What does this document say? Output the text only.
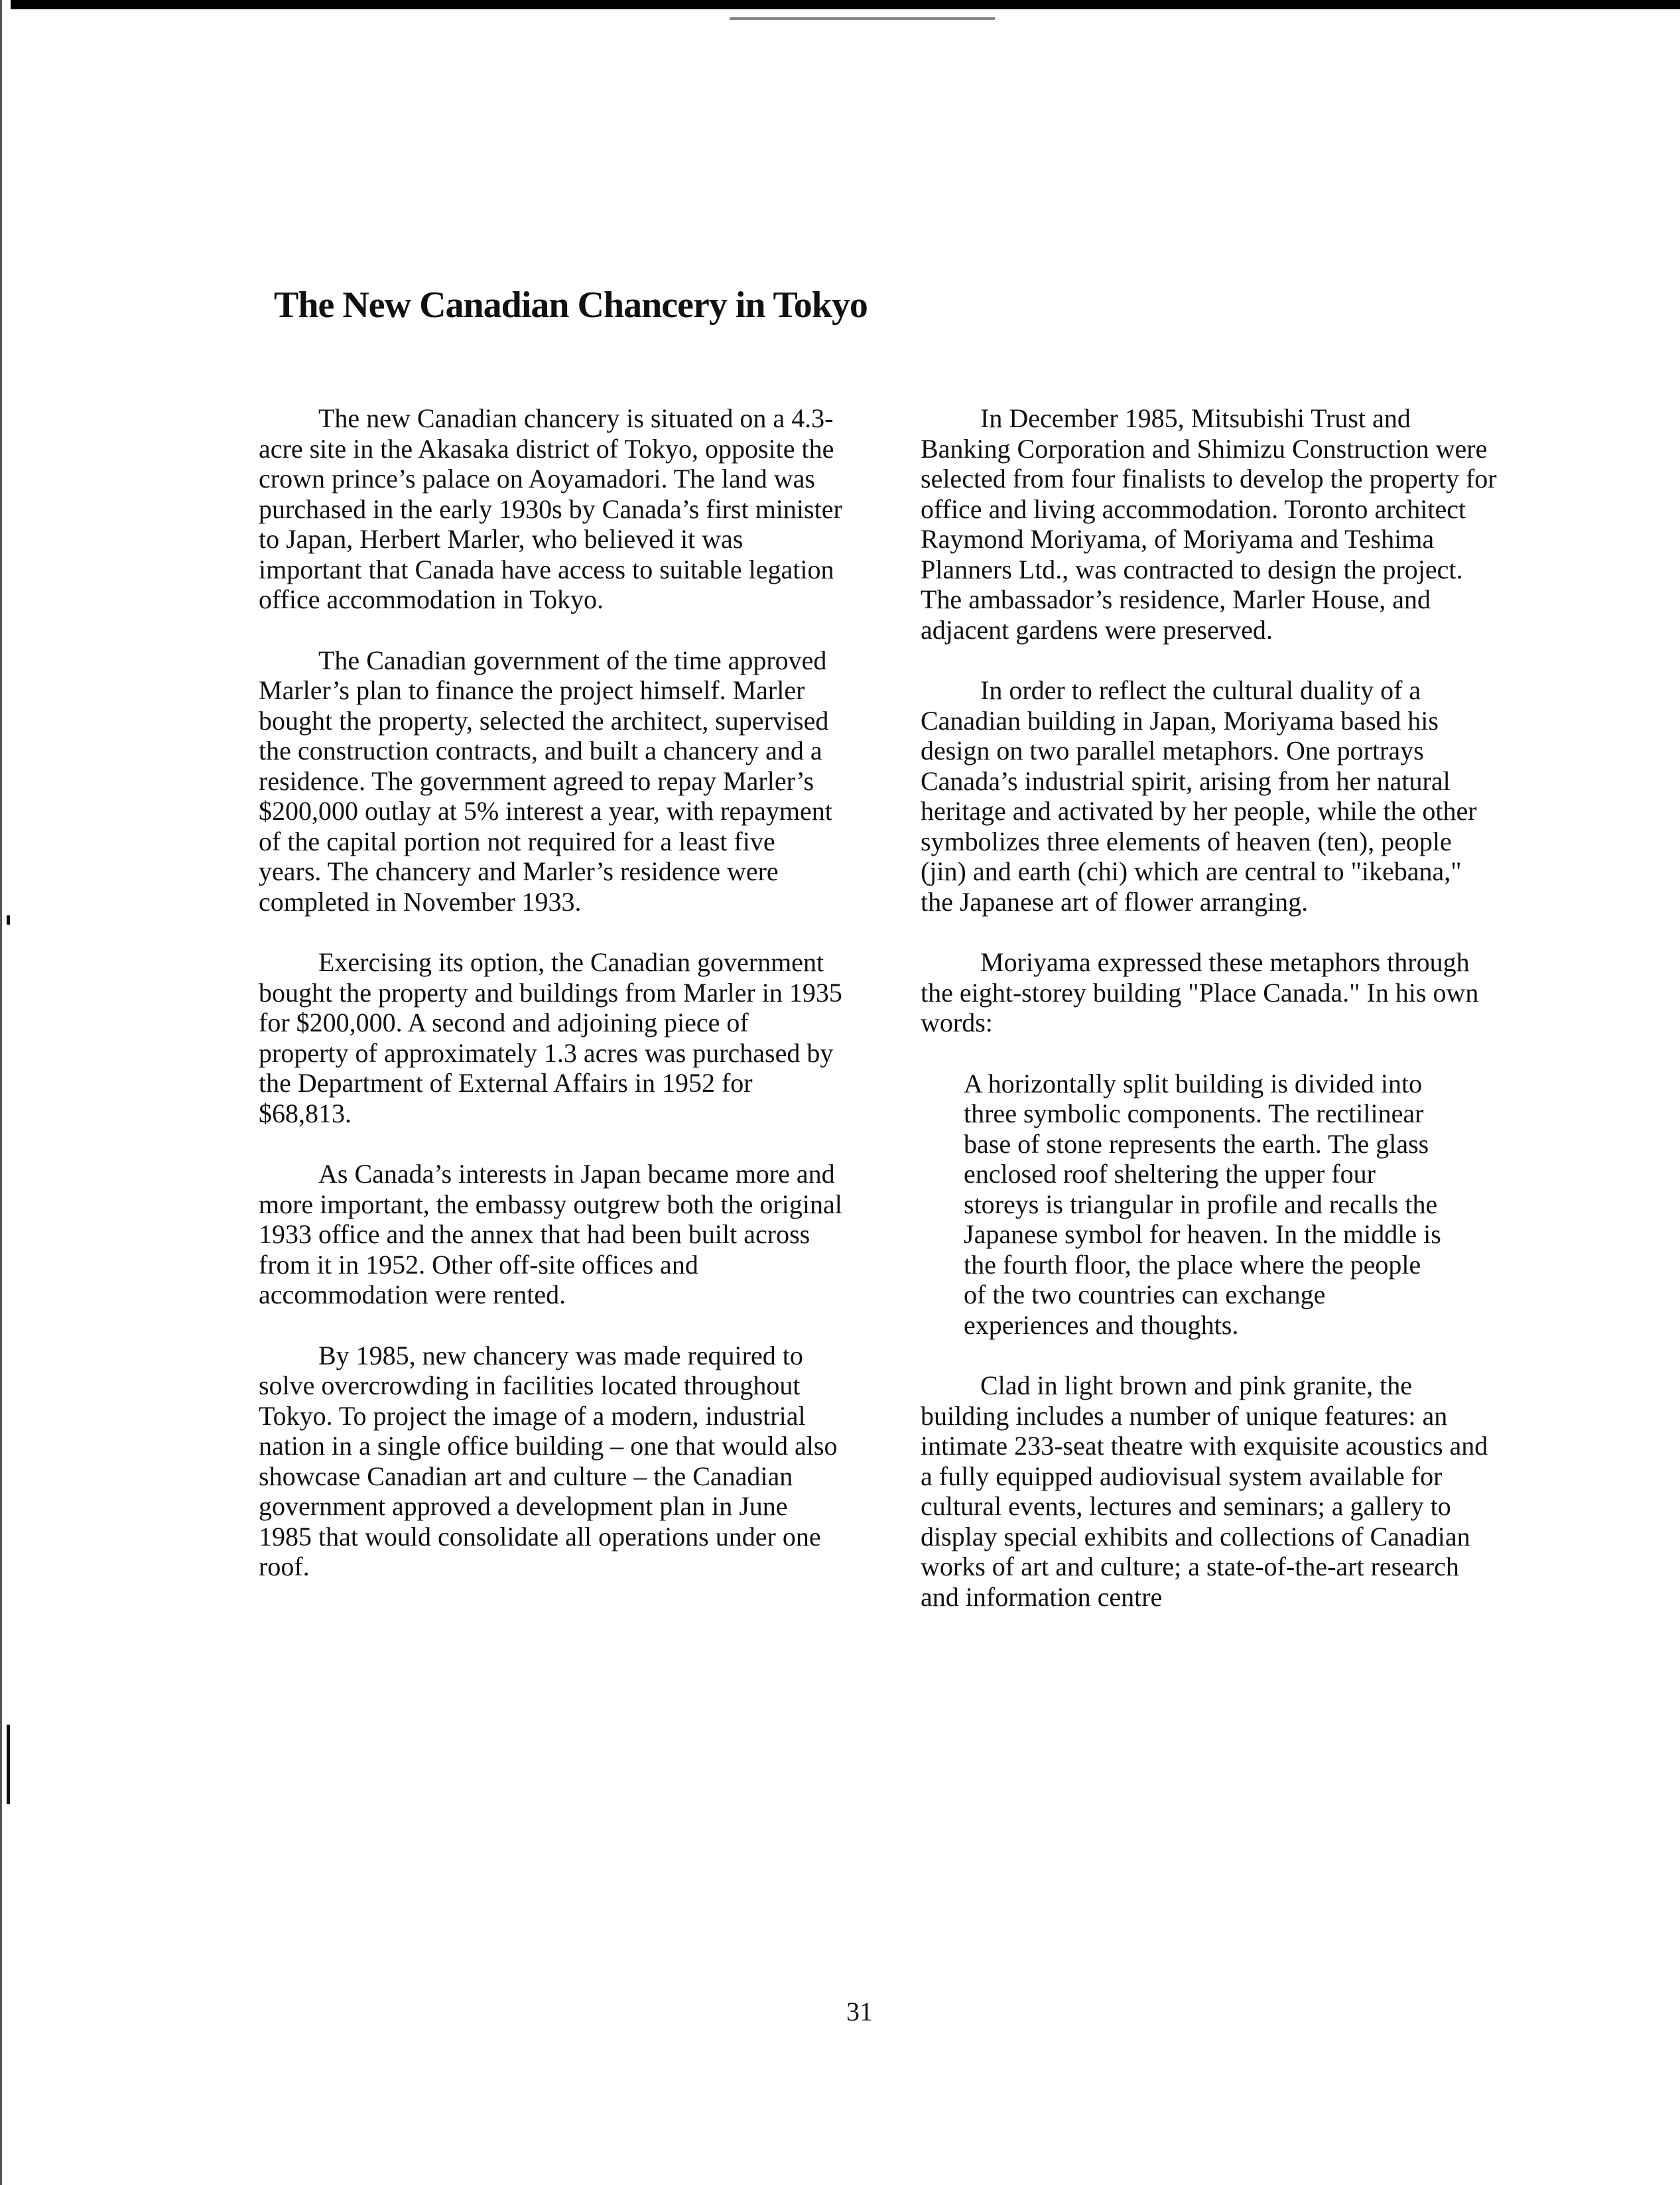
The New Canadian Chancery in Tokyo

The new Canadian chancery is situated on a 4.3-acre site in the Akasaka district of Tokyo, opposite the crown prince’s palace on Aoyamadori. The land was purchased in the early 1930s by Canada’s first minister to Japan, Herbert Marler, who believed it was important that Canada have access to suitable legation office accommodation in Tokyo.

The Canadian government of the time approved Marler’s plan to finance the project himself. Marler bought the property, selected the architect, supervised the construction contracts, and built a chancery and a residence. The government agreed to repay Marler’s $200,000 outlay at 5% interest a year, with repayment of the capital portion not required for a least five years. The chancery and Marler’s residence were completed in November 1933.

Exercising its option, the Canadian government bought the property and buildings from Marler in 1935 for $200,000. A second and adjoining piece of property of approximately 1.3 acres was purchased by the Department of External Affairs in 1952 for $68,813.

As Canada’s interests in Japan became more and more important, the embassy outgrew both the original 1933 office and the annex that had been built across from it in 1952. Other off-site offices and accommodation were rented.

By 1985, new chancery was made required to solve overcrowding in facilities located throughout Tokyo. To project the image of a modern, industrial nation in a single office building – one that would also showcase Canadian art and culture – the Canadian government approved a development plan in June 1985 that would consolidate all operations under one roof.

In December 1985, Mitsubishi Trust and Banking Corporation and Shimizu Construction were selected from four finalists to develop the property for office and living accommodation. Toronto architect Raymond Moriyama, of Moriyama and Teshima Planners Ltd., was contracted to design the project. The ambassador’s residence, Marler House, and adjacent gardens were preserved.

In order to reflect the cultural duality of a Canadian building in Japan, Moriyama based his design on two parallel metaphors. One portrays Canada’s industrial spirit, arising from her natural heritage and activated by her people, while the other symbolizes three elements of heaven (ten), people (jin) and earth (chi) which are central to "ikebana," the Japanese art of flower arranging.

Moriyama expressed these metaphors through the eight-storey building "Place Canada." In his own words:

A horizontally split building is divided into three symbolic components. The rectilinear base of stone represents the earth. The glass enclosed roof sheltering the upper four storeys is triangular in profile and recalls the Japanese symbol for heaven. In the middle is the fourth floor, the place where the people of the two countries can exchange experiences and thoughts.

Clad in light brown and pink granite, the building includes a number of unique features: an intimate 233-seat theatre with exquisite acoustics and a fully equipped audiovisual system available for cultural events, lectures and seminars; a gallery to display special exhibits and collections of Canadian works of art and culture; a state-of-the-art research and information centre

31
